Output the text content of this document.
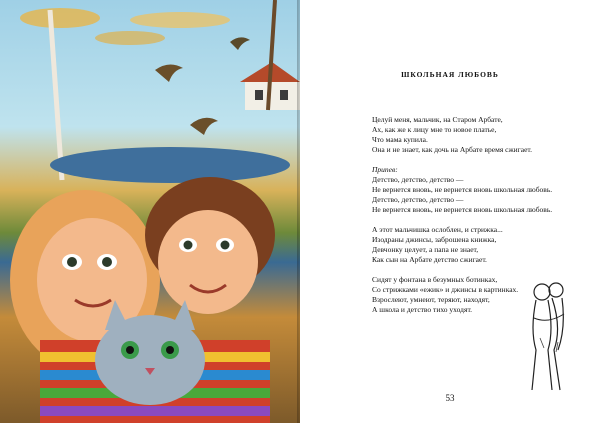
ШКОЛЬНАЯ ЛЮБОВЬ
Целуй меня, мальчик, на Старом Арбате,
Ах, как же к лицу мне то новое платье,
Что мама купила.
Она и не знает, как дочь на Арбате время сжигает.
Припев:
Детство, детство, детство —
Не вернется вновь, не вернется вновь школьная любовь.
Детство, детство, детство —
Не вернется вновь, не вернется вновь школьная любовь.
А этот мальчишка ослоблен, и стрижка...
Изодраны джинсы, заброшена книжка,
Девчонку целует, а папа не знает,
Как сын на Арбате детство сжигает.
Сидят у фонтана в безумных ботинках,
Со стрижками «ежик» и джинсы в картинках.
Взрослеют, умнеют, теряют, находят,
А школа и детство тихо уходят.
53
